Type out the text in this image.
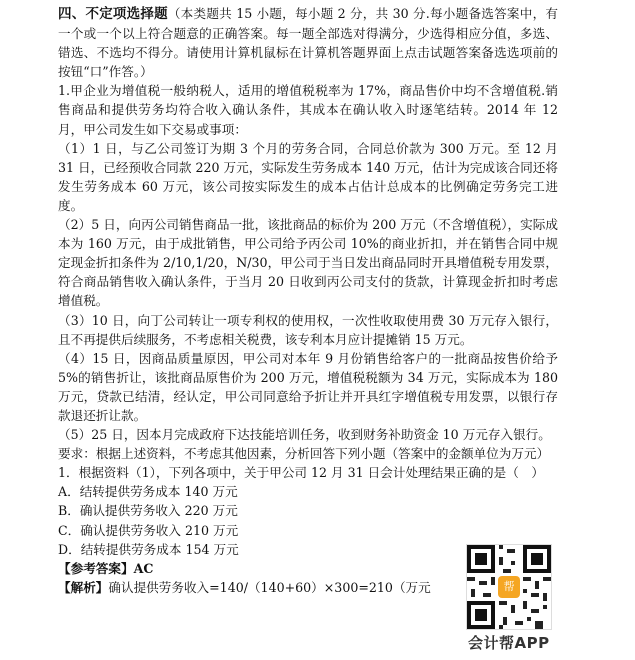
四、不定项选择题（本类题共 15 小题，每小题 2 分，共 30 分.每小题备选答案中，有一个或一个以上符合题意的正确答案。每一题全部选对得满分，少选得相应分值，多选、错选、不选均不得分。请使用计算机鼠标在计算机答题界面上点击试题答案备选选项前的按钮“口”作答。）

1.甲企业为增值税一般纳税人，适用的增值税税率为 17%，商品售价中均不含增值税.销售商品和提供劳务均符合收入确认条件，其成本在确认收入时逐笔结转。2014 年 12 月，甲公司发生如下交易或事项：

（1）1 日，与乙公司签订为期 3 个月的劳务合同，合同总价款为 300 万元。至 12 月 31 日，已经预收合同款 220 万元，实际发生劳务成本 140 万元，估计为完成该合同还将发生劳务成本 60 万元，该公司按实际发生的成本占估计总成本的比例确定劳务完工进度。

（2）5 日，向丙公司销售商品一批，该批商品的标价为 200 万元（不含增值税），实际成本为 160 万元，由于成批销售，甲公司给予丙公司 10%的商业折扣，并在销售合同中规定现金折扣条件为 2/10,1/20，N/30，甲公司于当日发出商品同时开具增值税专用发票，符合商品销售收入确认条件，于当月 20 日收到丙公司支付的货款，计算现金折扣时考虑增值税。

（3）10 日，向丁公司转让一项专利权的使用权，一次性收取使用费 30 万元存入银行，且不再提供后续服务，不考虑相关税费，该专利本月应计提摊销 15 万元。

（4）15 日，因商品质量原因，甲公司对本年 9 月份销售给客户的一批商品按售价给予 5%的销售折让，该批商品原售价为 200 万元，增值税税额为 34 万元，实际成本为 180 万元，贷款已结清，经认定，甲公司同意给予折让并开具红字增值税专用发票，以银行存款退还折让款。

（5）25 日，因本月完成政府下达技能培训任务，收到财务补助资金 10 万元存入银行。

要求：根据上述资料，不考虑其他因素，分析回答下列小题（答案中的金额单位为万元）

1．根据资料（1），下列各项中，关于甲公司 12 月 31 日会计处理结果正确的是（　）

A．结转提供劳务成本 140 万元

B．确认提供劳务收入 220 万元

C．确认提供劳务收入 210 万元

D．结转提供劳务成本 154 万元

【参考答案】AC

【解析】确认提供劳务收入=140/（140+60）×300=210（万元	帮
会计帮APP
